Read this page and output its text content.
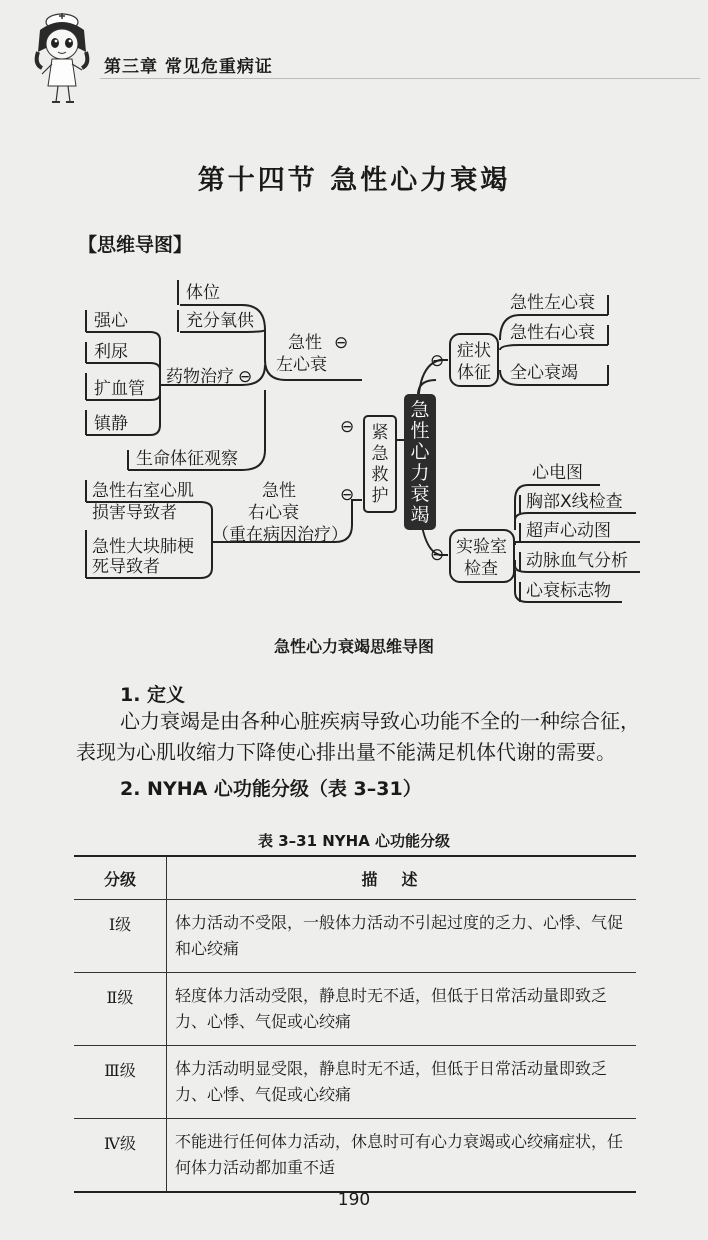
第三章 常见危重病证
第十四节 急性心力衰竭
【思维导图】
体位
充分氧供
急性
左心衰
⊖
药物治疗 ⊖
强心
利尿
扩血管
镇静
生命体征观察
急性
右心衰
（重在病因治疗）
⊖
急性右室心肌
损害导致者
急性大块肺梗
死导致者
紧急救护
⊖
急性心力衰竭
症状
体征
⊖
急性左心衰
急性右心衰
全心衰竭
实验室
检查
⊖
心电图
胸部X线检查
超声心动图
动脉血气分析
心衰标志物
急性心力衰竭思维导图
1. 定义
心力衰竭是由各种心脏疾病导致心功能不全的一种综合征，表现为心肌收缩力下降使心排出量不能满足机体代谢的需要。
2. NYHA 心功能分级（表 3–31）
表 3–31 NYHA 心功能分级
分级	描述
Ⅰ级	体力活动不受限，一般体力活动不引起过度的乏力、心悸、气促和心绞痛
Ⅱ级	轻度体力活动受限，静息时无不适，但低于日常活动量即致乏力、心悸、气促或心绞痛
Ⅲ级	体力活动明显受限，静息时无不适，但低于日常活动量即致乏力、心悸、气促或心绞痛
Ⅳ级	不能进行任何体力活动，休息时可有心力衰竭或心绞痛症状，任何体力活动都加重不适
190
